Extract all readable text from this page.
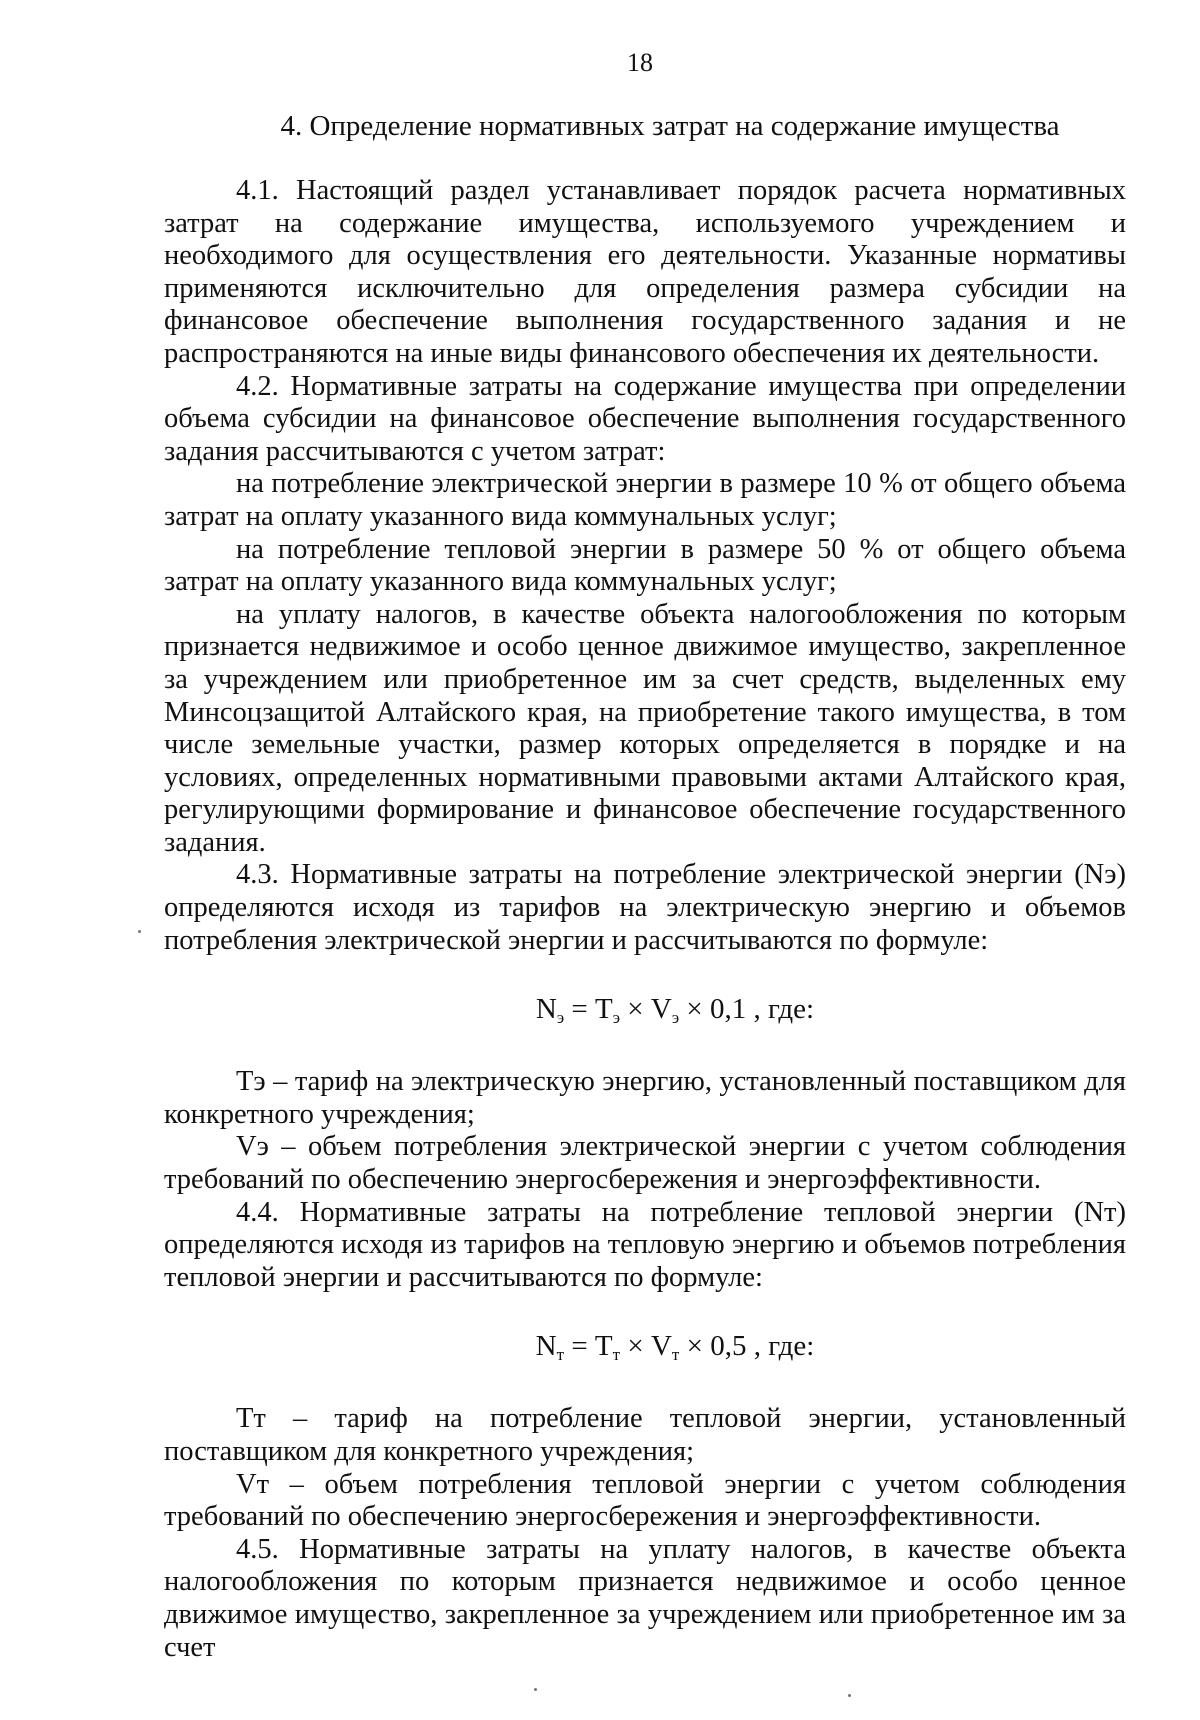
18
4. Определение нормативных затрат на содержание имущества

4.1. Настоящий раздел устанавливает порядок расчета нормативных затрат на содержание имущества, используемого учреждением и необходимого для осуществления его деятельности. Указанные нормативы применяются исключительно для определения размера субсидии на финансовое обеспечение выполнения государственного задания и не распространяются на иные виды финансового обеспечения их деятельности.

4.2. Нормативные затраты на содержание имущества при определении объема субсидии на финансовое обеспечение выполнения государственного задания рассчитываются с учетом затрат:

на потребление электрической энергии в размере 10 % от общего объема затрат на оплату указанного вида коммунальных услуг;

на потребление тепловой энергии в размере 50 % от общего объема затрат на оплату указанного вида коммунальных услуг;

на уплату налогов, в качестве объекта налогообложения по которым признается недвижимое и особо ценное движимое имущество, закрепленное за учреждением или приобретенное им за счет средств, выделенных ему Минсоцзащитой Алтайского края, на приобретение такого имущества, в том числе земельные участки, размер которых определяется в порядке и на условиях, определенных нормативными правовыми актами Алтайского края, регулирующими формирование и финансовое обеспечение государственного задания.

4.3. Нормативные затраты на потребление электрической энергии (Nэ) определяются исходя из тарифов на электрическую энергию и объемов потребления электрической энергии и рассчитываются по формуле:

$N_э = T_э \times V_э \times 0,1$ , где:

Tэ – тариф на электрическую энергию, установленный поставщиком для конкретного учреждения;

Vэ – объем потребления электрической энергии с учетом соблюдения требований по обеспечению энергосбережения и энергоэффективности.

4.4. Нормативные затраты на потребление тепловой энергии (Nт) определяются исходя из тарифов на тепловую энергию и объемов потребления тепловой энергии и рассчитываются по формуле:

$N_т = T_т \times V_т \times 0,5$ , где:

Tт – тариф на потребление тепловой энергии, установленный поставщиком для конкретного учреждения;

Vт – объем потребления тепловой энергии с учетом соблюдения требований по обеспечению энергосбережения и энергоэффективности.

4.5. Нормативные затраты на уплату налогов, в качестве объекта налогообложения по которым признается недвижимое и особо ценное движимое имущество, закрепленное за учреждением или приобретенное им за счет
